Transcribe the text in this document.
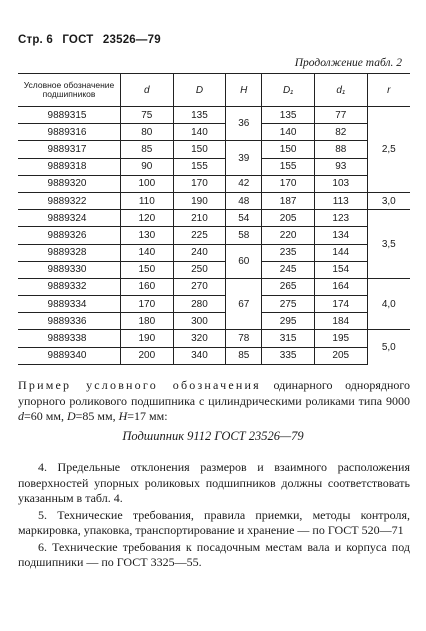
Стр. 6 ГОСТ 23526—79
Продолжение табл. 2
Условное обозначение подшипников	d	D	H	D₁	d₁	r
9889315	75	135	36	135	77	2,5
9889316	80	140		140	82	
9889317	85	150	39	150	88	
9889318	90	155		155	93	
9889320	100	170	42	170	103	
9889322	110	190	48	187	113	3,0
9889324	120	210	54	205	123	3,5
9889326	130	225	58	220	134	
9889328	140	240	60	235	144	
9889330	150	250		245	154	
9889332	160	270	67	265	164	4,0
9889334	170	280		275	174	
9889336	180	300		295	184	
9889338	190	320	78	315	195	5,0
9889340	200	340	85	335	205	
Пример условного обозначения одинарного однорядного упорного роликового подшипника с цилиндрическими роликами типа 9000 d=60 мм, D=85 мм, H=17 мм:
Подшипник 9112 ГОСТ 23526—79
4. Предельные отклонения размеров и взаимного расположения поверхностей упорных роликовых подшипников должны соответствовать указанным в табл. 4.
5. Технические требования, правила приемки, методы контроля, маркировка, упаковка, транспортирование и хранение — по ГОСТ 520—71
6. Технические требования к посадочным местам вала и корпуса под подшипники — по ГОСТ 3325—55.
